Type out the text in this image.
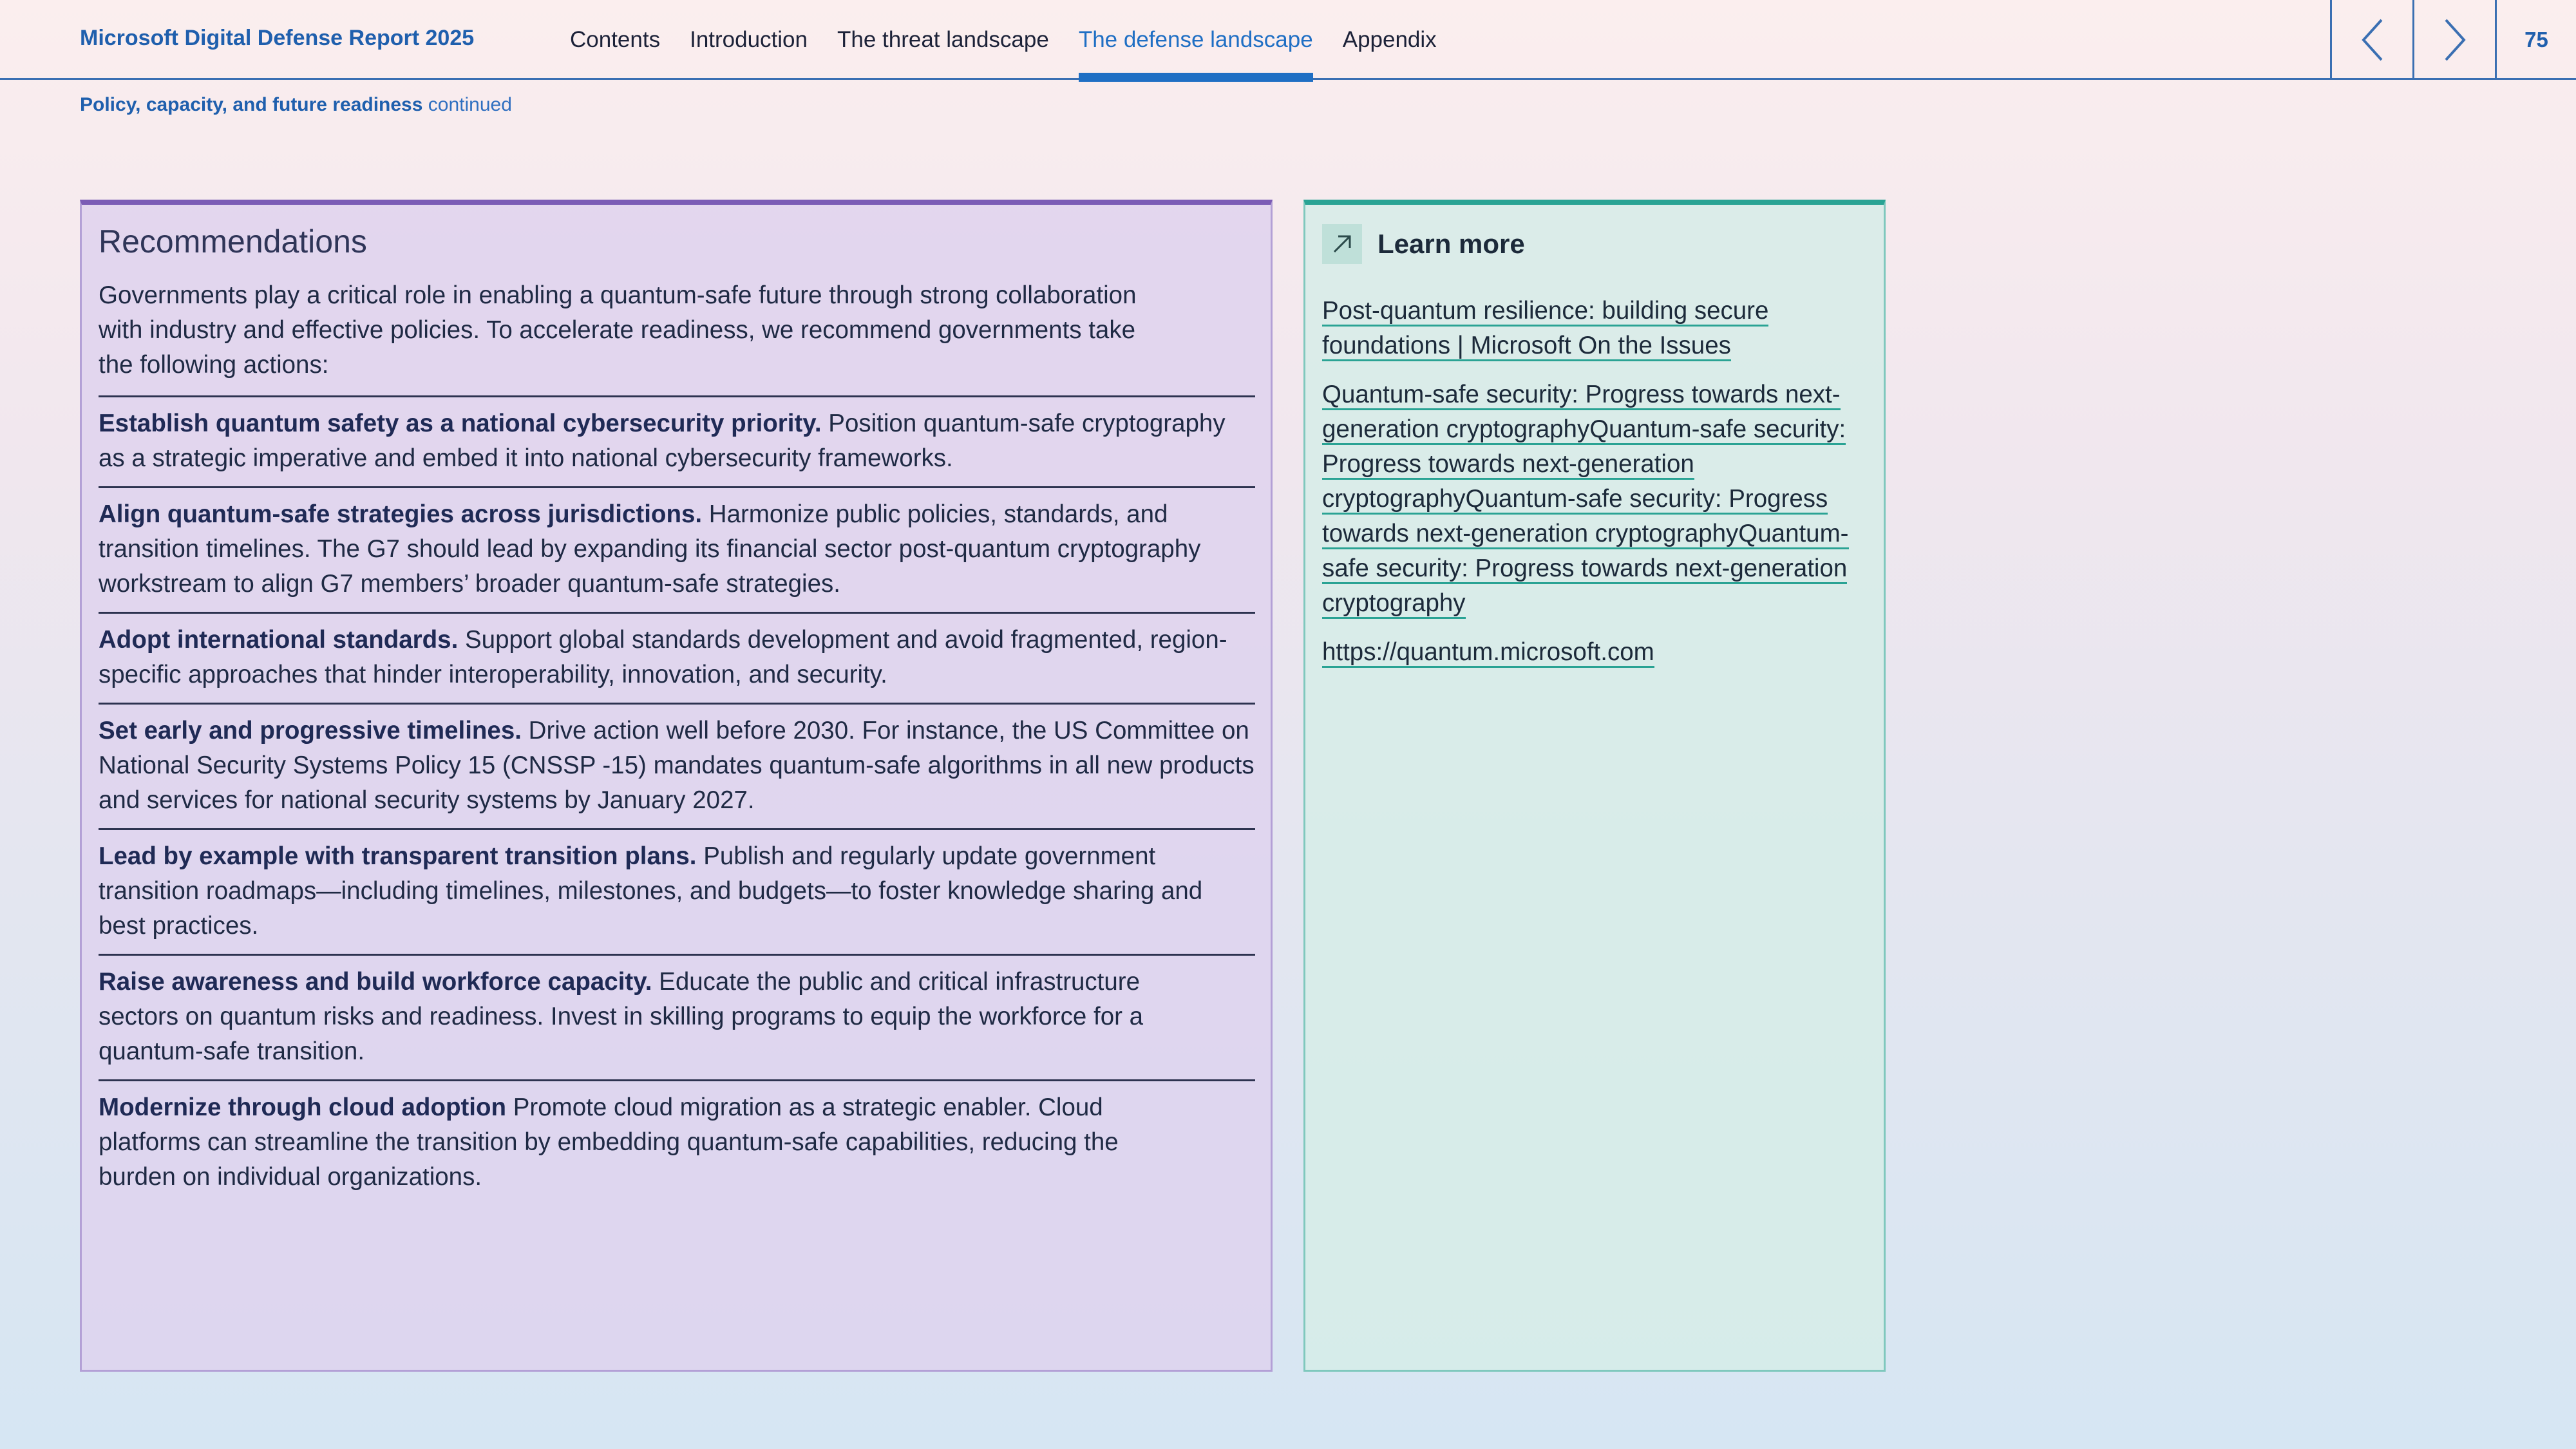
Microsoft Digital Defense Report 2025	Contents Introduction The threat landscape The defense landscape Appendix	75
Policy, capacity, and future readiness continued
Recommendations

Governments play a critical role in enabling a quantum-safe future through strong collaboration with industry and effective policies. To accelerate readiness, we recommend governments take the following actions:

Establish quantum safety as a national cybersecurity priority. Position quantum-safe cryptography as a strategic imperative and embed it into national cybersecurity frameworks.
Align quantum-safe strategies across jurisdictions. Harmonize public policies, standards, and transition timelines. The G7 should lead by expanding its financial sector post-quantum cryptography workstream to align G7 members’ broader quantum-safe strategies.
Adopt international standards. Support global standards development and avoid fragmented, region-specific approaches that hinder interoperability, innovation, and security.
Set early and progressive timelines. Drive action well before 2030. For instance, the US Committee on National Security Systems Policy 15 (CNSSP -15) mandates quantum-safe algorithms in all new products and services for national security systems by January 2027.
Lead by example with transparent transition plans. Publish and regularly update government transition roadmaps—including timelines, milestones, and budgets—to foster knowledge sharing and best practices.
Raise awareness and build workforce capacity. Educate the public and critical infrastructure sectors on quantum risks and readiness. Invest in skilling programs to equip the workforce for a quantum-safe transition.
Modernize through cloud adoption Promote cloud migration as a strategic enabler. Cloud platforms can streamline the transition by embedding quantum-safe capabilities, reducing the burden on individual organizations.
Learn more
Post-quantum resilience: building secure foundations | Microsoft On the Issues
Quantum-safe security: Progress towards next-generation cryptographyQuantum-safe security: Progress towards next-generation cryptographyQuantum-safe security: Progress towards next-generation cryptographyQuantum-safe security: Progress towards next-generation cryptography
https://quantum.microsoft.com
